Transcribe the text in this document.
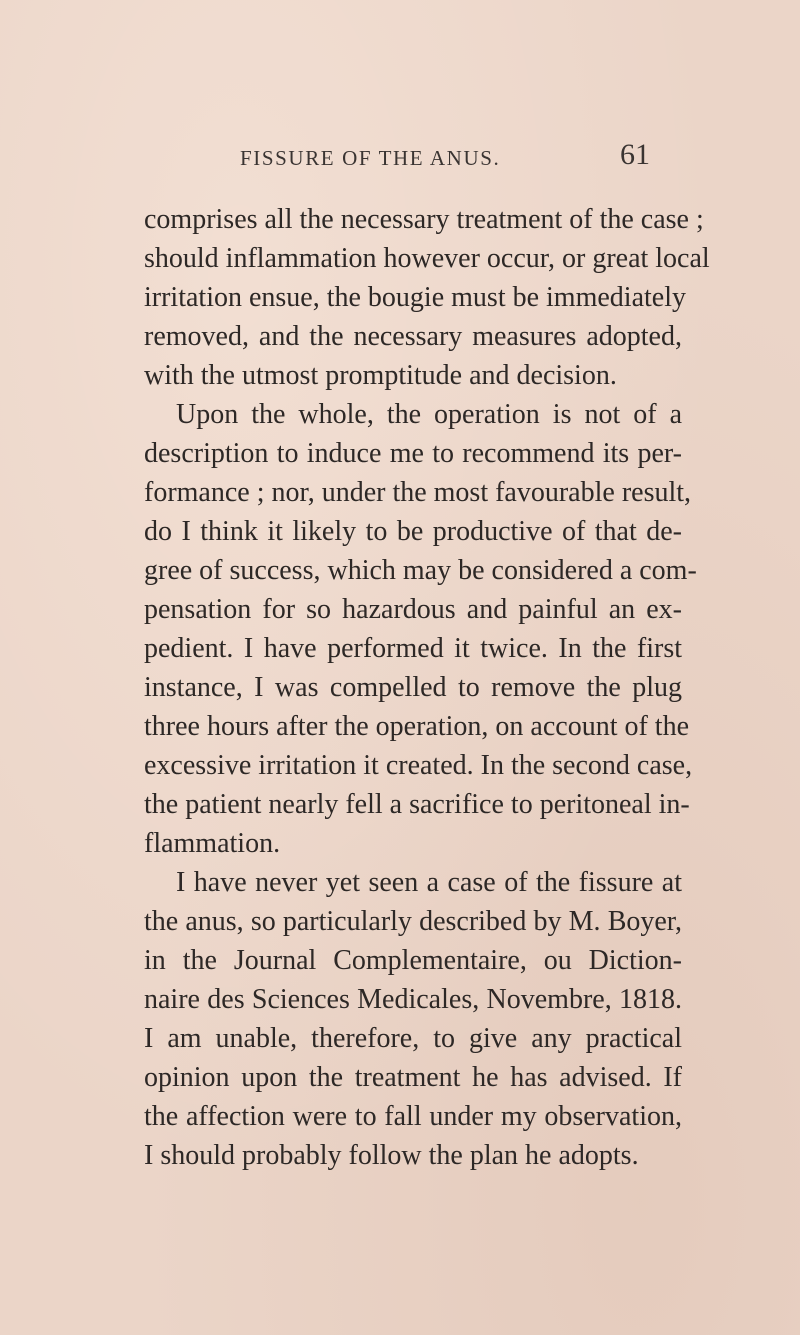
FISSURE OF THE ANUS.	61
comprises all the necessary treatment of the case ;
should inflammation however occur, or great local
irritation ensue, the bougie must be immediately
removed, and the necessary measures adopted,
with the utmost promptitude and decision.
Upon the whole, the operation is not of a
description to induce me to recommend its per-
formance ; nor, under the most favourable result,
do I think it likely to be productive of that de-
gree of success, which may be considered a com-
pensation for so hazardous and painful an ex-
pedient. I have performed it twice. In the first
instance, I was compelled to remove the plug
three hours after the operation, on account of the
excessive irritation it created. In the second case,
the patient nearly fell a sacrifice to peritoneal in-
flammation.
I have never yet seen a case of the fissure at
the anus, so particularly described by M. Boyer,
in the Journal Complementaire, ou Diction-
naire des Sciences Medicales, Novembre, 1818.
I am unable, therefore, to give any practical
opinion upon the treatment he has advised. If
the affection were to fall under my observation,
I should probably follow the plan he adopts.
